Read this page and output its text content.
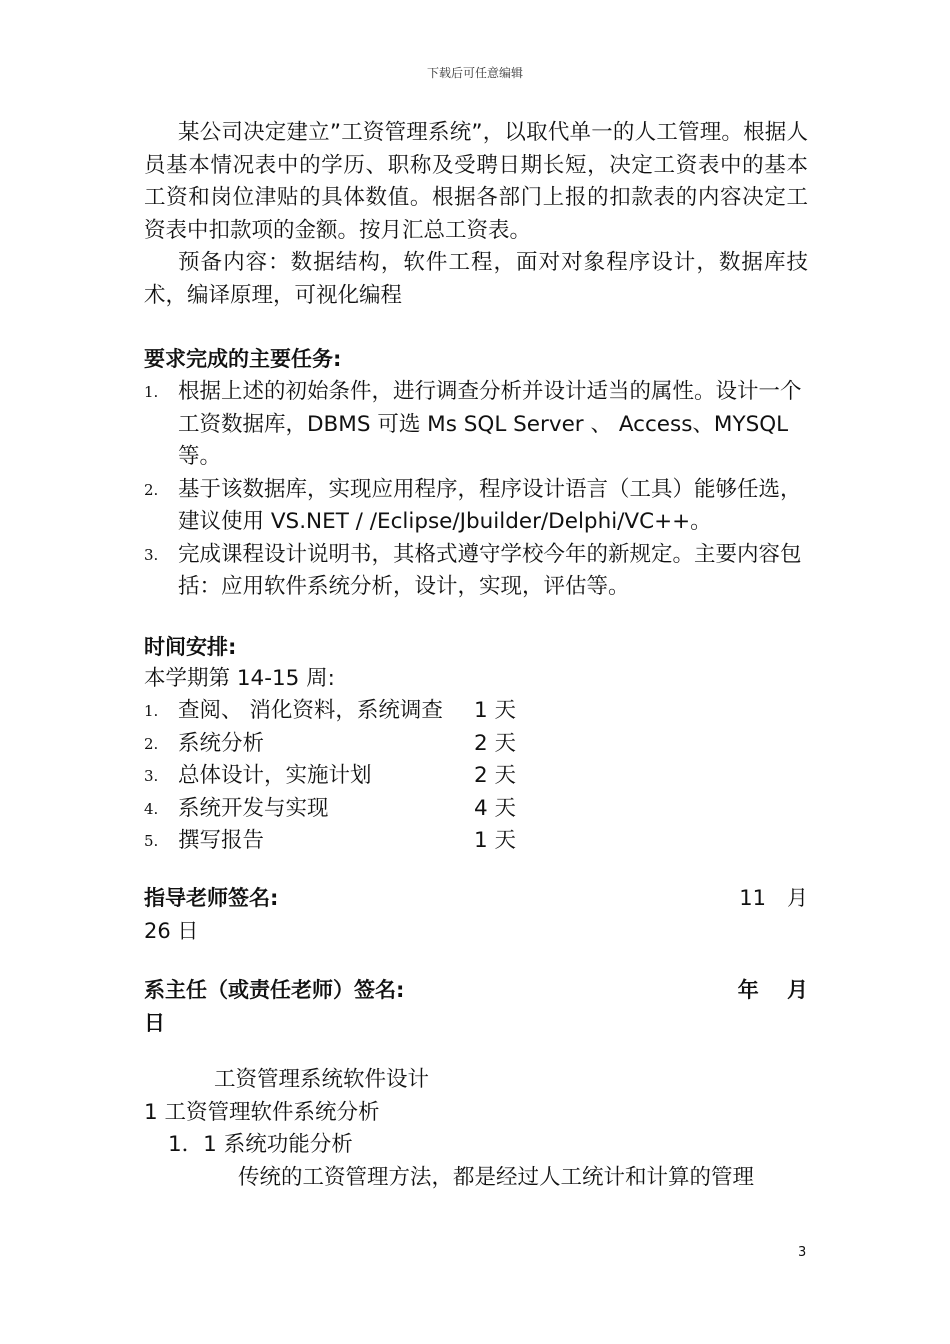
下载后可任意编辑

某公司决定建立”工资管理系统”，以取代单一的人工管理。根据人员基本情况表中的学历、职称及受聘日期长短，决定工资表中的基本工资和岗位津贴的具体数值。根据各部门上报的扣款表的内容决定工资表中扣款项的金额。按月汇总工资表。

预备内容：数据结构，软件工程，面对对象程序设计，数据库技术，编译原理，可视化编程

要求完成的主要任务:

1. 根据上述的初始条件，进行调查分析并设计适当的属性。设计一个工资数据库，DBMS 可选 Ms SQL Server 、 Access、MYSQL 等。
2. 基于该数据库，实现应用程序，程序设计语言（工具）能够任选，建议使用 VS.NET / /Eclipse/Jbuilder/Delphi/VC++。
3. 完成课程设计说明书，其格式遵守学校今年的新规定。主要内容包括：应用软件系统分析，设计，实现，评估等。

时间安排:

本学期第 14-15 周:

1. 查阅、 消化资料，系统调查 1 天
2. 系统分析	2 天
3. 总体设计，实施计划	2 天
4. 系统开发与实现	4 天
5. 撰写报告	1 天
指导老师签名:	11　月
26 日
系主任（或责任老师）签名:	年　 月
日
工资管理系统软件设计
1 工资管理软件系统分析
1．1 系统功能分析
传统的工资管理方法，都是经过人工统计和计算的管理
3
